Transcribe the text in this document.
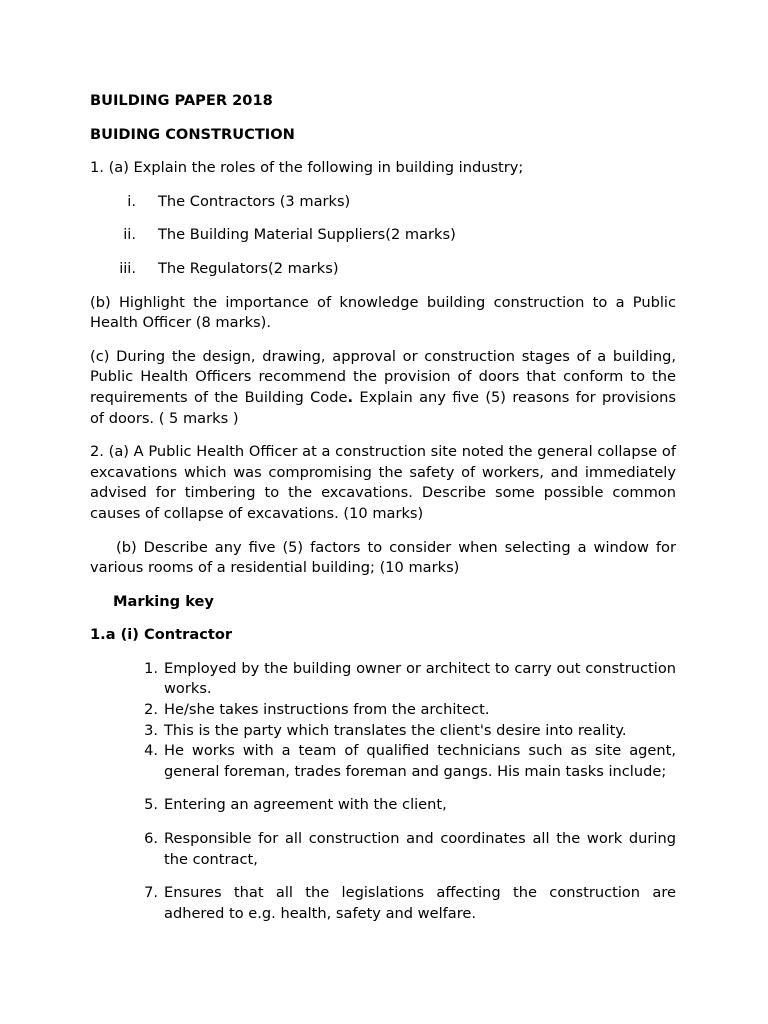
BUILDING PAPER 2018

BUIDING CONSTRUCTION

1. (a) Explain the roles of the following in building industry;

i. The Contractors (3 marks)
ii. The Building Material Suppliers(2 marks)
iii. The Regulators(2 marks)

(b) Highlight the importance of knowledge building construction to a Public Health Officer (8 marks).

(c) During the design, drawing, approval or construction stages of a building, Public Health Officers recommend the provision of doors that conform to the requirements of the Building Code. Explain any five (5) reasons for provisions of doors. ( 5 marks )

2. (a) A Public Health Officer at a construction site noted the general collapse of excavations which was compromising the safety of workers, and immediately advised for timbering to the excavations. Describe some possible common causes of collapse of excavations. (10 marks)

(b) Describe any five (5) factors to consider when selecting a window for various rooms of a residential building; (10 marks)

Marking key

1.a (i) Contractor

1. Employed by the building owner or architect to carry out construction works.
2. He/she takes instructions from the architect.
3. This is the party which translates the client's desire into reality.
4. He works with a team of qualified technicians such as site agent, general foreman, trades foreman and gangs. His main tasks include;
5. Entering an agreement with the client,
6. Responsible for all construction and coordinates all the work during the contract,
7. Ensures that all the legislations affecting the construction are adhered to e.g. health, safety and welfare.
